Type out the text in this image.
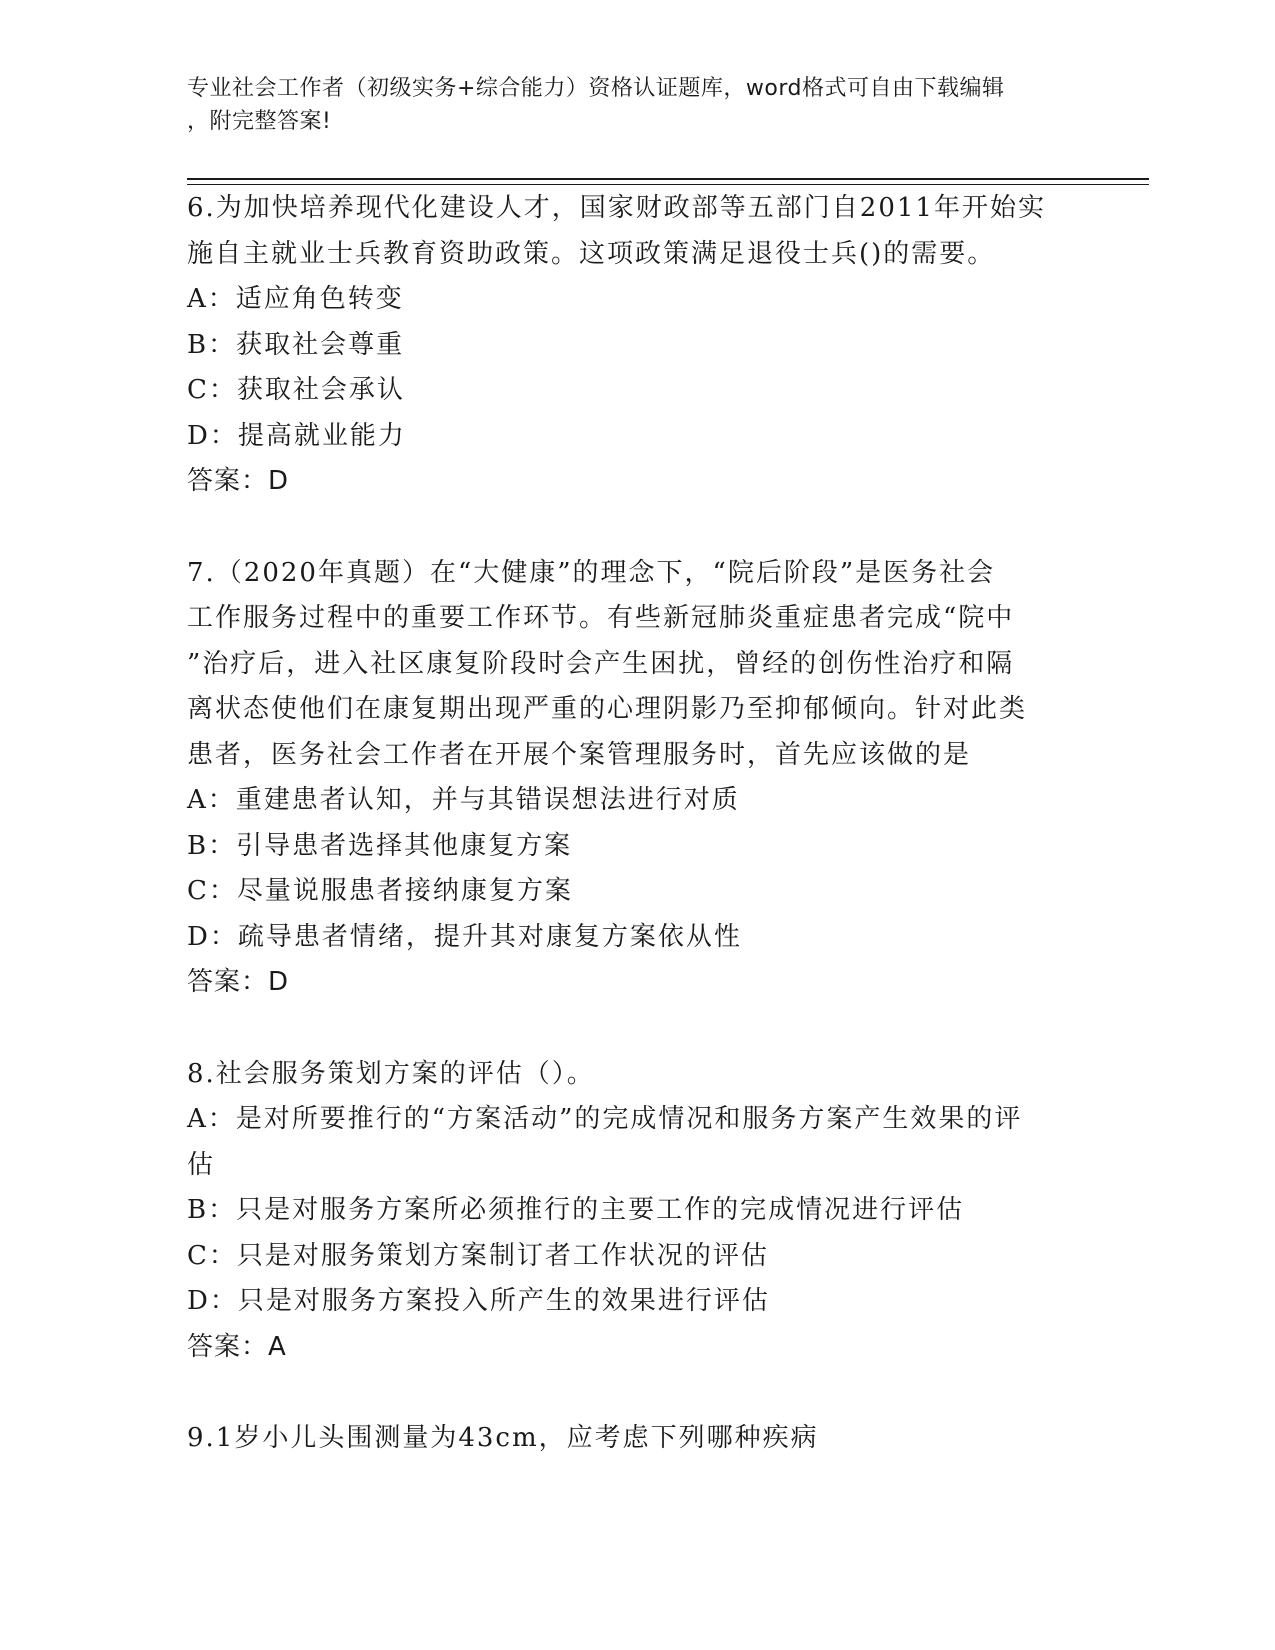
专业社会工作者（初级实务+综合能力）资格认证题库，word格式可自由下载编辑
，附完整答案!

6.为加快培养现代化建设人才，国家财政部等五部门自2011年开始实

施自主就业士兵教育资助政策。这项政策满足退役士兵()的需要。

A：适应角色转变

B：获取社会尊重

C：获取社会承认

D：提高就业能力

答案：D

7.（2020年真题）在“大健康”的理念下，“院后阶段”是医务社会

工作服务过程中的重要工作环节。有些新冠肺炎重症患者完成“院中

”治疗后，进入社区康复阶段时会产生困扰，曾经的创伤性治疗和隔

离状态使他们在康复期出现严重的心理阴影乃至抑郁倾向。针对此类

患者，医务社会工作者在开展个案管理服务时，首先应该做的是

A：重建患者认知，并与其错误想法进行对质

B：引导患者选择其他康复方案

C：尽量说服患者接纳康复方案

D：疏导患者情绪，提升其对康复方案依从性

答案：D

8.社会服务策划方案的评估（）。

A：是对所要推行的“方案活动”的完成情况和服务方案产生效果的评

估

B：只是对服务方案所必须推行的主要工作的完成情况进行评估

C：只是对服务策划方案制订者工作状况的评估

D：只是对服务方案投入所产生的效果进行评估

答案：A

9.1岁小儿头围测量为43cm，应考虑下列哪种疾病
